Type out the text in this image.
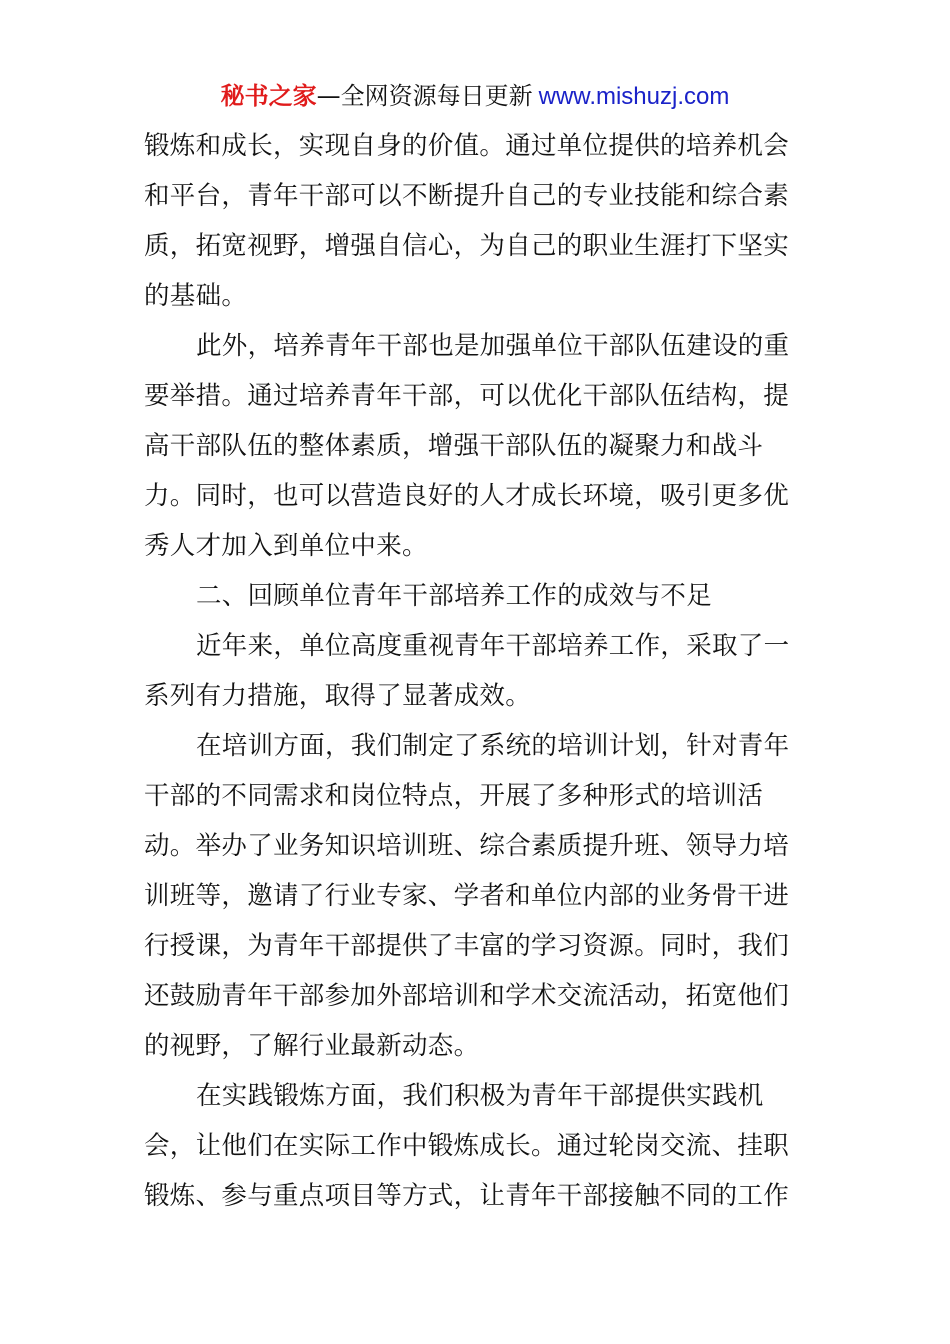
秘书之家—全网资源每日更新 www.mishuzj.com
锻炼和成长，实现自身的价值。通过单位提供的培养机会
和平台，青年干部可以不断提升自己的专业技能和综合素
质，拓宽视野，增强自信心，为自己的职业生涯打下坚实
的基础。
此外，培养青年干部也是加强单位干部队伍建设的重
要举措。通过培养青年干部，可以优化干部队伍结构，提
高干部队伍的整体素质，增强干部队伍的凝聚力和战斗
力。同时，也可以营造良好的人才成长环境，吸引更多优
秀人才加入到单位中来。
二、回顾单位青年干部培养工作的成效与不足
近年来，单位高度重视青年干部培养工作，采取了一
系列有力措施，取得了显著成效。
在培训方面，我们制定了系统的培训计划，针对青年
干部的不同需求和岗位特点，开展了多种形式的培训活
动。举办了业务知识培训班、综合素质提升班、领导力培
训班等，邀请了行业专家、学者和单位内部的业务骨干进
行授课，为青年干部提供了丰富的学习资源。同时，我们
还鼓励青年干部参加外部培训和学术交流活动，拓宽他们
的视野，了解行业最新动态。
在实践锻炼方面，我们积极为青年干部提供实践机
会，让他们在实际工作中锻炼成长。通过轮岗交流、挂职
锻炼、参与重点项目等方式，让青年干部接触不同的工作
